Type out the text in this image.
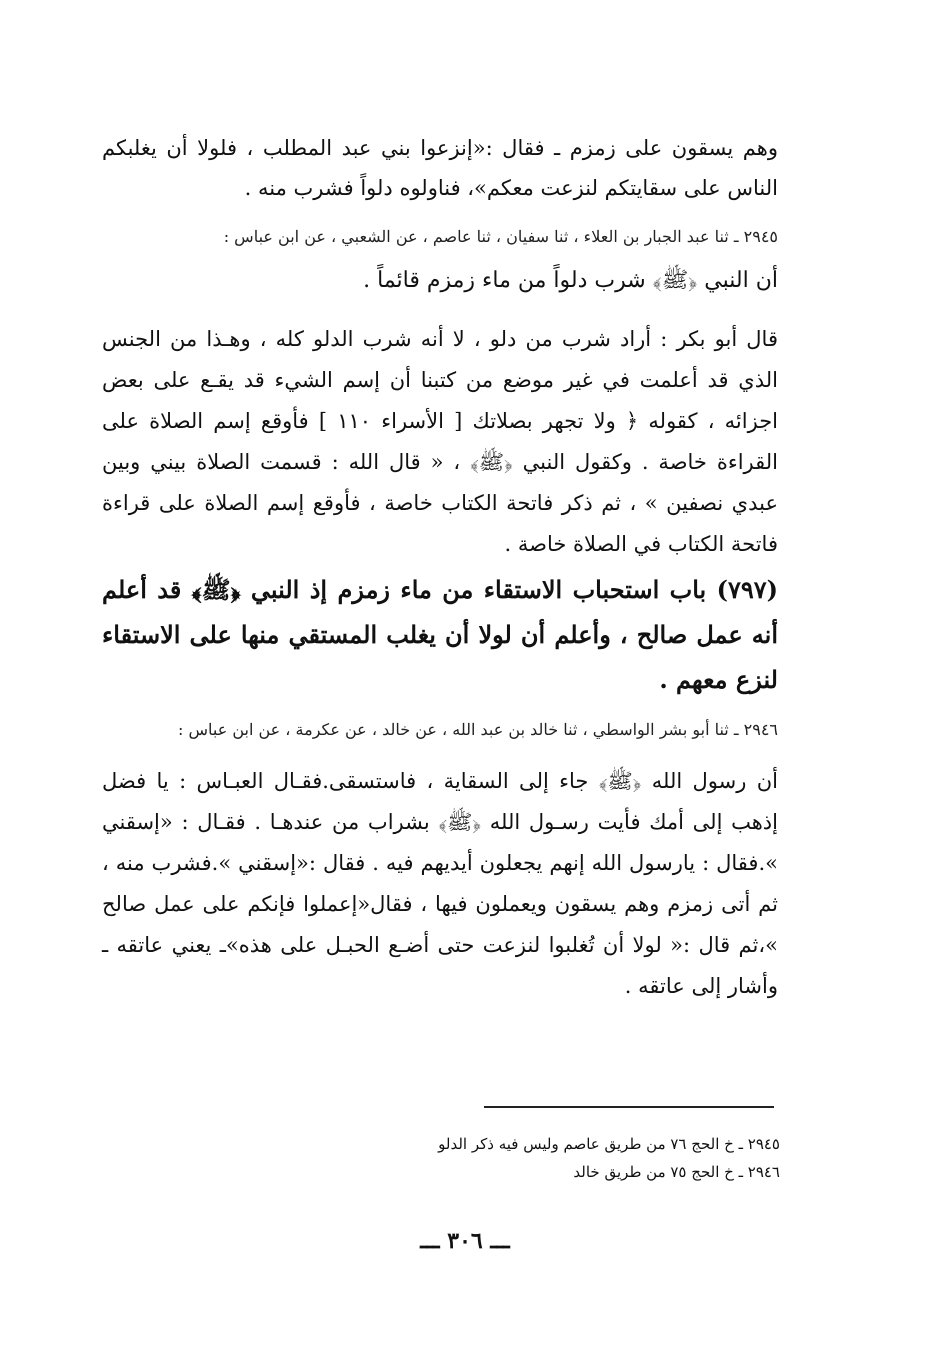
وهم يسقون على زمزم ـ فقال :«إنزعوا بني عبد المطلب ، فلولا أن يغلبكم الناس على سقايتكم لنزعت معكم»، فناولوه دلواً فشرب منه .

٢٩٤٥ ـ ثنا عبد الجبار بن العلاء ، ثنا سفيان ، ثنا عاصم ، عن الشعبي ، عن ابن عباس :

أن النبي ﴿ﷺ﴾ شرب دلواً من ماء زمزم قائماً .

قال أبو بكر : أراد شرب من دلو ، لا أنه شرب الدلو كله ، وهـذا من الجنس الذي قد أعلمت في غير موضع من كتبنا أن إسم الشيء قد يقـع على بعض اجزائه ، كقوله ﴿ ولا تجهر بصلاتك [ الأسراء ١١٠ ] فأوقع إسم الصلاة على القراءة خاصة . وكقول النبي ﴿ﷺ﴾ ، « قال الله : قسمت الصلاة بيني وبين عبدي نصفين » ، ثم ذكر فاتحة الكتاب خاصة ، فأوقع إسم الصلاة على قراءة فاتحة الكتاب في الصلاة خاصة .

(٧٩٧) باب استحباب الاستقاء من ماء زمزم إذ النبي ﴿ﷺ﴾ قد أعلم أنه عمل صالح ، وأعلم أن لولا أن يغلب المستقي منها على الاستقاء لنزع معهم .

٢٩٤٦ ـ ثنا أبو بشر الواسطي ، ثنا خالد بن عبد الله ، عن خالد ، عن عكرمة ، عن ابن عباس :

أن رسول الله ﴿ﷺ﴾ جاء إلى السقاية ، فاستسقى.فقـال العبـاس : يا فضل إذهب إلى أمك فأيت رسـول الله ﴿ﷺ﴾ بشراب من عندهـا . فقـال : «إسقني ».فقال : يارسول الله إنهم يجعلون أيديهم فيه . فقال :«إسقني ».فشرب منه ، ثم أتى زمزم وهم يسقون ويعملون فيها ، فقال«إعملوا فإنكم على عمل صالح »،ثم قال :« لولا أن تُغلبوا لنزعت حتى أضـع الحبـل على هذه»ـ يعني عاتقه ـ وأشار إلى عاتقه .

٢٩٤٥ ـ خ الحج ٧٦ من طريق عاصم وليس فيه ذكر الدلو
٢٩٤٦ ـ خ الحج ٧٥ من طريق خالد
ـــ ٣٠٦ ـــ
